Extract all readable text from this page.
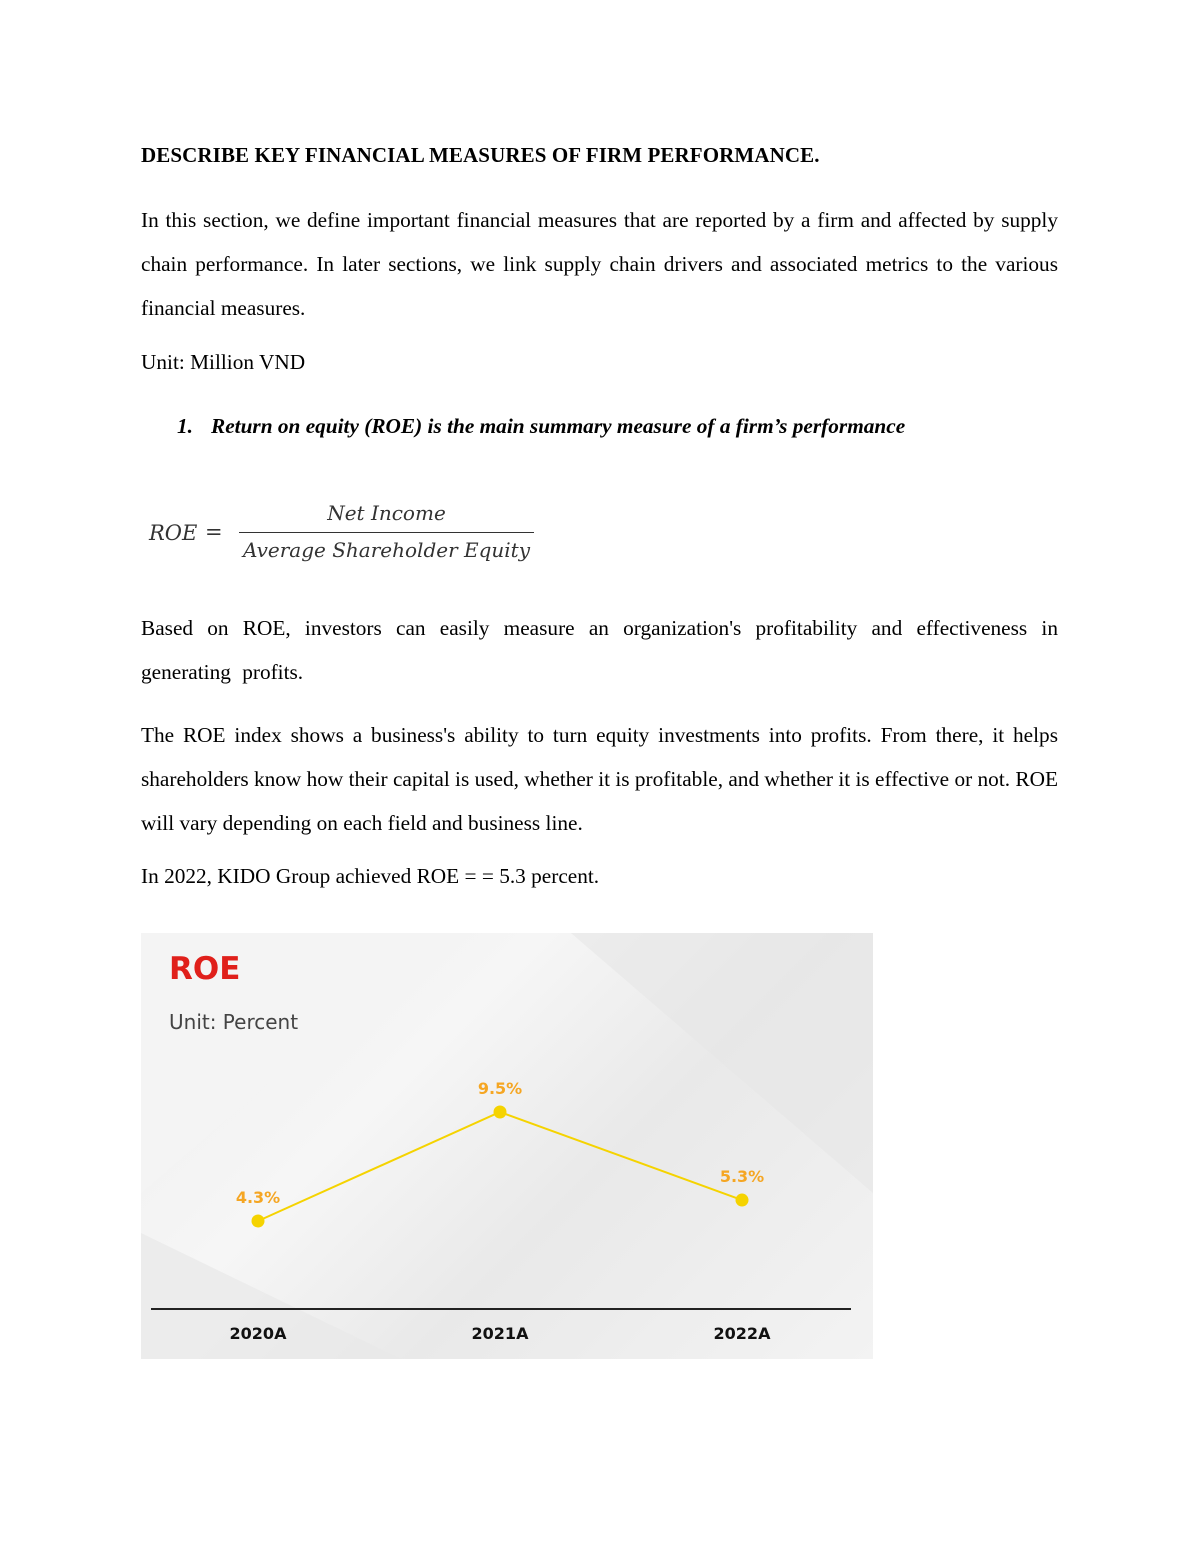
DESCRIBE KEY FINANCIAL MEASURES OF FIRM PERFORMANCE.
In this section, we define important financial measures that are reported by a firm and affected by supply chain performance. In later sections, we link supply chain drivers and associated metrics to the various financial measures.
Unit: Million VND
1. Return on equity (ROE) is the main summary measure of a firm’s performance
ROE =
Net Income
Average Shareholder Equity
Based on ROE, investors can easily measure an organization's profitability and effectiveness in generating profits.
The ROE index shows a business's ability to turn equity investments into profits. From there, it helps shareholders know how their capital is used, whether it is profitable, and whether it is effective or not. ROE will vary depending on each field and business line.
In 2022, KIDO Group achieved ROE = = 5.3 percent.
4.3%
9.5%
5.3%
2020A	2021A	2022A
ROE
Unit: Percent
